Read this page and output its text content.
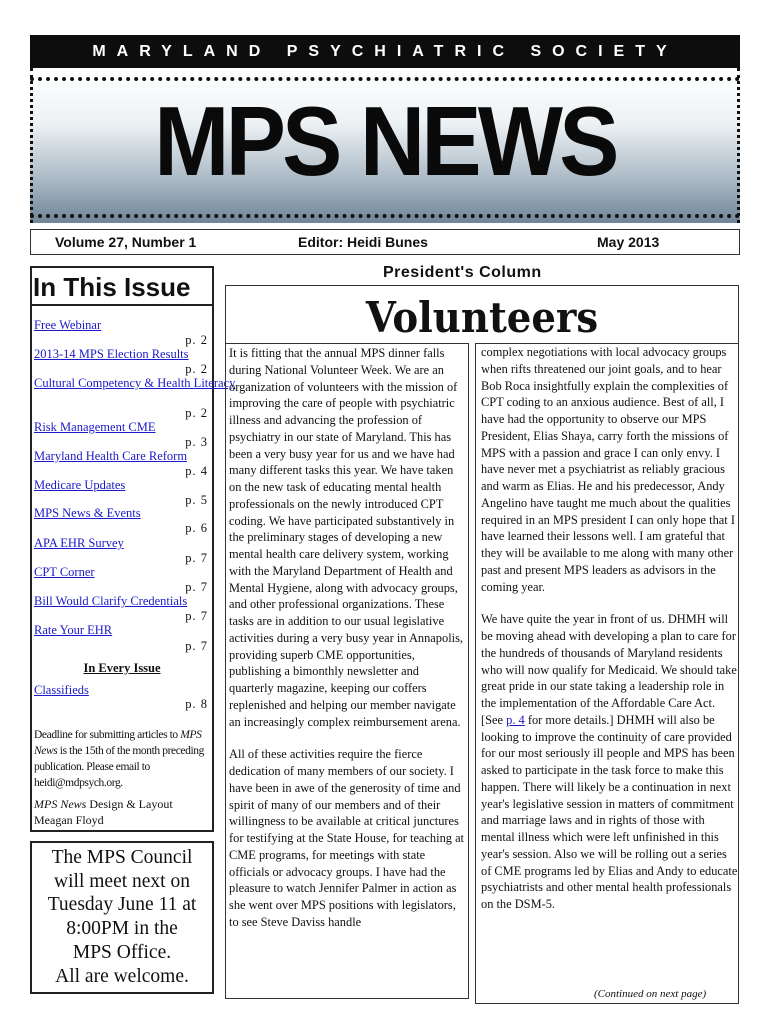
MARYLAND PSYCHIATRIC SOCIETY
MPS NEWS
Volume 27, Number 1	Editor: Heidi Bunes	May 2013
In This Issue
Free Webinar
p. 2
2013-14 MPS Election Results
p. 2
Cultural Competency & Health Literacy
p. 2
Risk Management CME
p. 3
Maryland Health Care Reform
p. 4
Medicare Updates
p. 5
MPS News & Events
p. 6
APA EHR Survey
p. 7
CPT Corner
p. 7
Bill Would Clarify Credentials
p. 7
Rate Your EHR
p. 7
In Every Issue
Classifieds
p. 8
Deadline for submitting articles to MPS News is the 15th of the month preceding publication. Please email to heidi@mdpsych.org.
MPS News Design & Layout
Meagan Floyd
The MPS Council
will meet next on
Tuesday June 11 at
8:00PM in the
MPS Office.
All are welcome.
President's Column
Volunteers

It is fitting that the annual MPS dinner falls during National Volunteer Week. We are an organization of volunteers with the mission of improving the care of people with psychiatric illness and advancing the profession of psychiatry in our state of Maryland. This has been a very busy year for us and we have had many different tasks this year. We have taken on the new task of educating mental health professionals on the newly introduced CPT coding. We have participated substantively in the preliminary stages of developing a new mental health care delivery system, working with the Maryland Department of Health and Mental Hygiene, along with advocacy groups, and other professional organizations. These tasks are in addition to our usual legislative activities during a very busy year in Annapolis, providing superb CME opportunities, publishing a bimonthly newsletter and quarterly magazine, keeping our coffers replenished and helping our member navigate an increasingly complex reimbursement arena.

All of these activities require the fierce dedication of many members of our society. I have been in awe of the generosity of time and spirit of many of our members and of their willingness to be available at critical junctures for testifying at the State House, for teaching at CME programs, for meetings with state officials or advocacy groups. I have had the pleasure to watch Jennifer Palmer in action as she went over MPS positions with legislators, to see Steve Daviss handle

complex negotiations with local advocacy groups when rifts threatened our joint goals, and to hear Bob Roca insightfully explain the complexities of CPT coding to an anxious audience. Best of all, I have had the opportunity to observe our MPS President, Elias Shaya, carry forth the missions of MPS with a passion and grace I can only envy. I have never met a psychiatrist as reliably gracious and warm as Elias. He and his predecessor, Andy Angelino have taught me much about the qualities required in an MPS president I can only hope that I have learned their lessons well. I am grateful that they will be available to me along with many other past and present MPS leaders as advisors in the coming year.

We have quite the year in front of us. DHMH will be moving ahead with developing a plan to care for the hundreds of thousands of Maryland residents who will now qualify for Medicaid. We should take great pride in our state taking a leadership role in the implementation of the Affordable Care Act. [See p. 4 for more details.] DHMH will also be looking to improve the continuity of care provided for our most seriously ill people and MPS has been asked to participate in the task force to make this happen. There will likely be a continuation in next year's legislative session in matters of commitment and marriage laws and in rights of those with mental illness which were left unfinished in this year's session. Also we will be rolling out a series of CME programs led by Elias and Andy to educate psychiatrists and other mental health professionals on the DSM-5.

(Continued on next page)
